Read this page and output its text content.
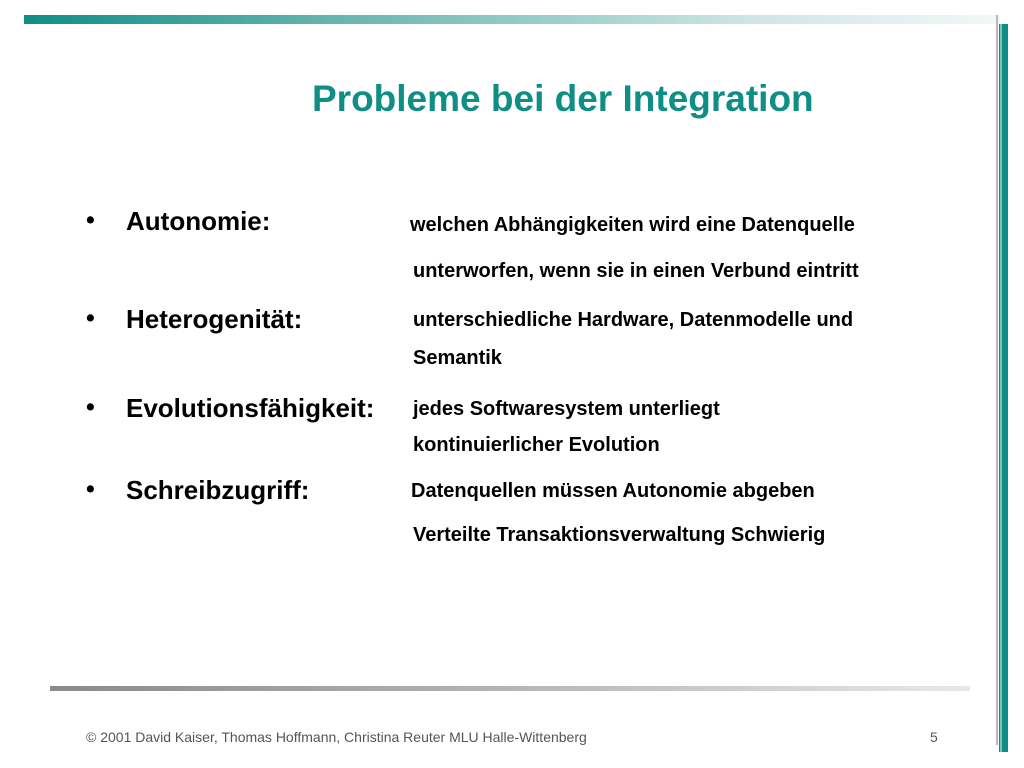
Probleme bei der Integration
• Autonomie:	welchen Abhängigkeiten wird eine Datenquelle
unterworfen, wenn sie in einen Verbund eintritt
• Heterogenität:	unterschiedliche Hardware, Datenmodelle und
Semantik
• Evolutionsfähigkeit: jedes Softwaresystem unterliegt
kontinuierlicher Evolution
• Schreibzugriff:	Datenquellen müssen Autonomie abgeben
Verteilte Transaktionsverwaltung Schwierig
© 2001 David Kaiser, Thomas Hoffmann, Christina Reuter MLU Halle-Wittenberg	5
